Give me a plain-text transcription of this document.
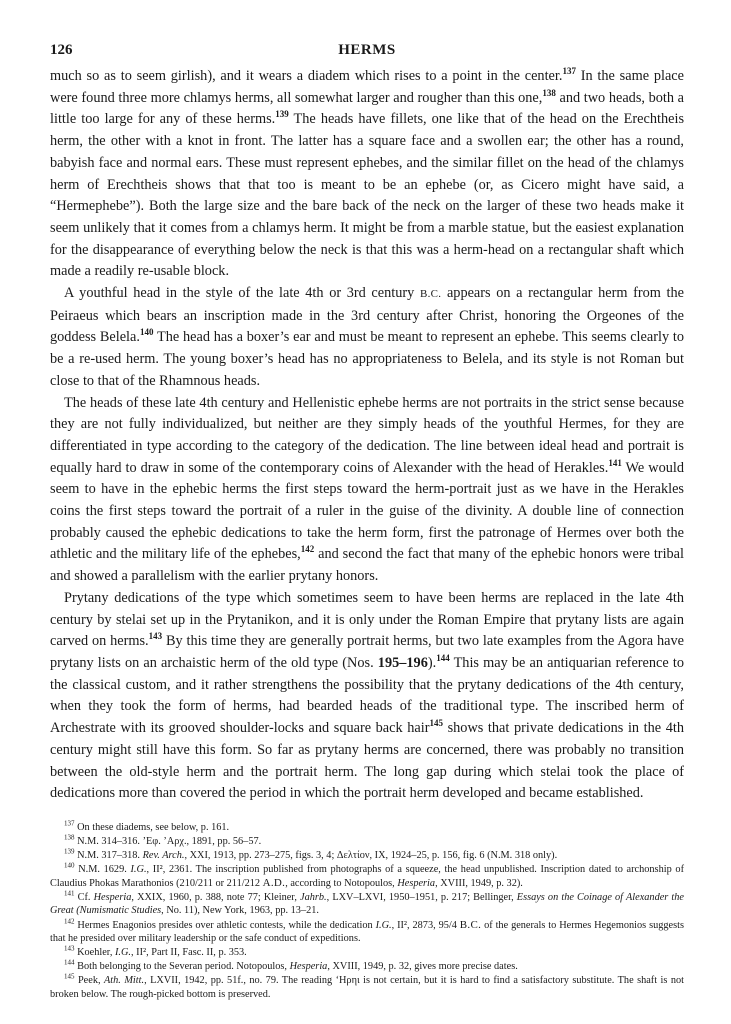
126	HERMS

much so as to seem girlish), and it wears a diadem which rises to a point in the center.$^{137}$ In the same place were found three more chlamys herms, all somewhat larger and rougher than this one,$^{138}$ and two heads, both a little too large for any of these herms.$^{139}$ The heads have fillets, one like that of the head on the Erechtheis herm, the other with a knot in front. The latter has a square face and a swollen ear; the other has a round, babyish face and normal ears. These must represent ephebes, and the similar fillet on the head of the chlamys herm of Erechtheis shows that that too is meant to be an ephebe (or, as Cicero might have said, a “Hermephebe”). Both the large size and the bare back of the neck on the larger of these two heads make it seem unlikely that it comes from a chlamys herm. It might be from a marble statue, but the easiest explanation for the disappearance of everything below the neck is that this was a herm-head on a rectangular shaft which made a readily re-usable block.

A youthful head in the style of the late 4th or 3rd century B.C. appears on a rectangular herm from the Peiraeus which bears an inscription made in the 3rd century after Christ, honoring the Orgeones of the goddess Belela.$^{140}$ The head has a boxer’s ear and must be meant to represent an ephebe. This seems clearly to be a re-used herm. The young boxer’s head has no appropriateness to Belela, and its style is not Roman but close to that of the Rhamnous heads.

The heads of these late 4th century and Hellenistic ephebe herms are not portraits in the strict sense because they are not fully individualized, but neither are they simply heads of the youthful Hermes, for they are differentiated in type according to the category of the dedication. The line between ideal head and portrait is equally hard to draw in some of the contemporary coins of Alexander with the head of Herakles.$^{141}$ We would seem to have in the ephebic herms the first steps toward the herm-portrait just as we have in the Herakles coins the first steps toward the portrait of a ruler in the guise of the divinity. A double line of connection probably caused the ephebic dedications to take the herm form, first the patronage of Hermes over both the athletic and the military life of the ephebes,$^{142}$ and second the fact that many of the ephebic honors were tribal and showed a parallelism with the earlier prytany honors.

Prytany dedications of the type which sometimes seem to have been herms are replaced in the late 4th century by stelai set up in the Prytanikon, and it is only under the Roman Empire that prytany lists are again carved on herms.$^{143}$ By this time they are generally portrait herms, but two late examples from the Agora have prytany lists on an archaistic herm of the old type (Nos. 195–196).$^{144}$ This may be an antiquarian reference to the classical custom, and it rather strengthens the possibility that the prytany dedications of the 4th century, when they took the form of herms, had bearded heads of the traditional type. The inscribed herm of Archestrate with its grooved shoulder-locks and square back hair$^{145}$ shows that private dedications in the 4th century might still have this form. So far as prytany herms are concerned, there was probably no transition between the old-style herm and the portrait herm. The long gap during which stelai took the place of dedications more than covered the period in which the portrait herm developed and became established.

$^{137}$ On these diadems, see below, p. 161.

$^{138}$ N.M. 314–316. ’Εφ. ’Αρχ., 1891, pp. 56–57.

$^{139}$ N.M. 317–318. Rev. Arch., XXI, 1913, pp. 273–275, figs. 3, 4; Δελτίον, IX, 1924–25, p. 156, fig. 6 (N.M. 318 only).

$^{140}$ N.M. 1629. I.G., II², 2361. The inscription published from photographs of a squeeze, the head unpublished. Inscription dated to archonship of Claudius Phokas Marathonios (210/211 or 211/212 A.D., according to Notopoulos, Hesperia, XVIII, 1949, p. 32).

$^{141}$ Cf. Hesperia, XXIX, 1960, p. 388, note 77; Kleiner, Jahrb., LXV–LXVI, 1950–1951, p. 217; Bellinger, Essays on the Coinage of Alexander the Great (Numismatic Studies, No. 11), New York, 1963, pp. 13–21.

$^{142}$ Hermes Enagonios presides over athletic contests, while the dedication I.G., II², 2873, 95/4 B.C. of the generals to Hermes Hegemonios suggests that he presided over military leadership or the safe conduct of expeditions.

$^{143}$ Koehler, I.G., II², Part II, Fasc. II, p. 353.

$^{144}$ Both belonging to the Severan period. Notopoulos, Hesperia, XVIII, 1949, p. 32, gives more precise dates.

$^{145}$ Peek, Ath. Mitt., LXVII, 1942, pp. 51f., no. 79. The reading ‘Ηρηι is not certain, but it is hard to find a satisfactory substitute. The shaft is not broken below. The rough-picked bottom is preserved.
